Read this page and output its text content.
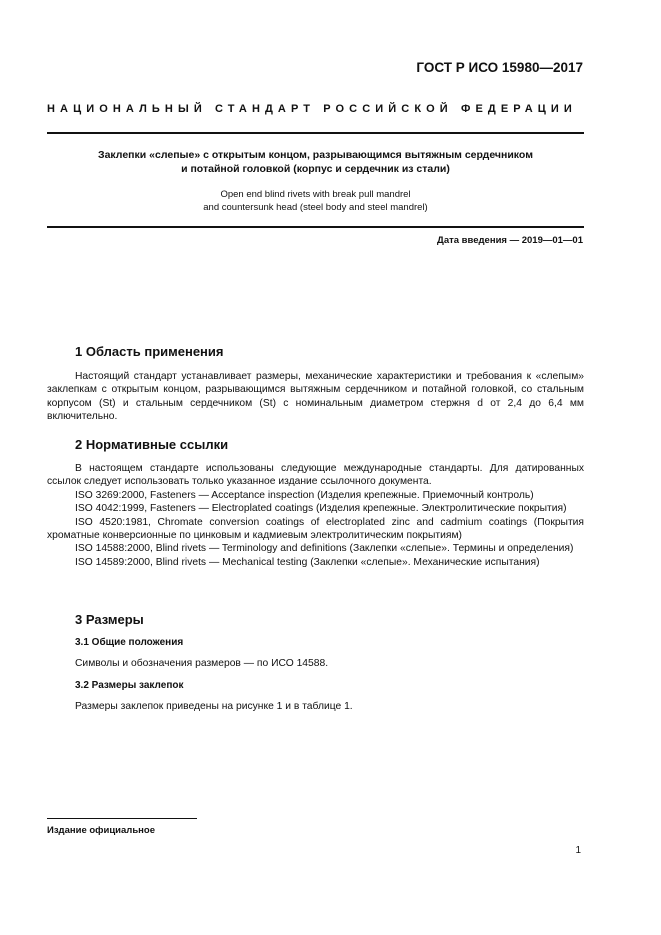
ГОСТ Р ИСО 15980—2017
НАЦИОНАЛЬНЫЙ СТАНДАРТ РОССИЙСКОЙ ФЕДЕРАЦИИ
Заклепки «слепые» с открытым концом, разрывающимся вытяжным сердечником
и потайной головкой (корпус и сердечник из стали)
Open end blind rivets with break pull mandrel
and countersunk head (steel body and steel mandrel)
Дата введения — 2019—01—01
1 Область применения

Настоящий стандарт устанавливает размеры, механические характеристики и требования к «слепым» заклепкам с открытым концом, разрывающимся вытяжным сердечником и потайной головкой, со стальным корпусом (St) и стальным сердечником (St) с номинальным диаметром стержня d от 2,4 до 6,4 мм включительно.

2 Нормативные ссылки

В настоящем стандарте использованы следующие международные стандарты. Для датированных ссылок следует использовать только указанное издание ссылочного документа.

ISO 3269:2000, Fasteners — Acceptance inspection (Изделия крепежные. Приемочный контроль)

ISO 4042:1999, Fasteners — Electroplated coatings (Изделия крепежные. Электролитические покрытия)

ISO 4520:1981, Chromate conversion coatings of electroplated zinc and cadmium coatings (Покрытия хроматные конверсионные по цинковым и кадмиевым электролитическим покрытиям)

ISO 14588:2000, Blind rivets — Terminology and definitions (Заклепки «слепые». Термины и определения)

ISO 14589:2000, Blind rivets — Mechanical testing (Заклепки «слепые». Механические испытания)

3 Размеры
3.1 Общие положения

Символы и обозначения размеров — по ИСО 14588.

3.2 Размеры заклепок

Размеры заклепок приведены на рисунке 1 и в таблице 1.

Издание официальное
1
